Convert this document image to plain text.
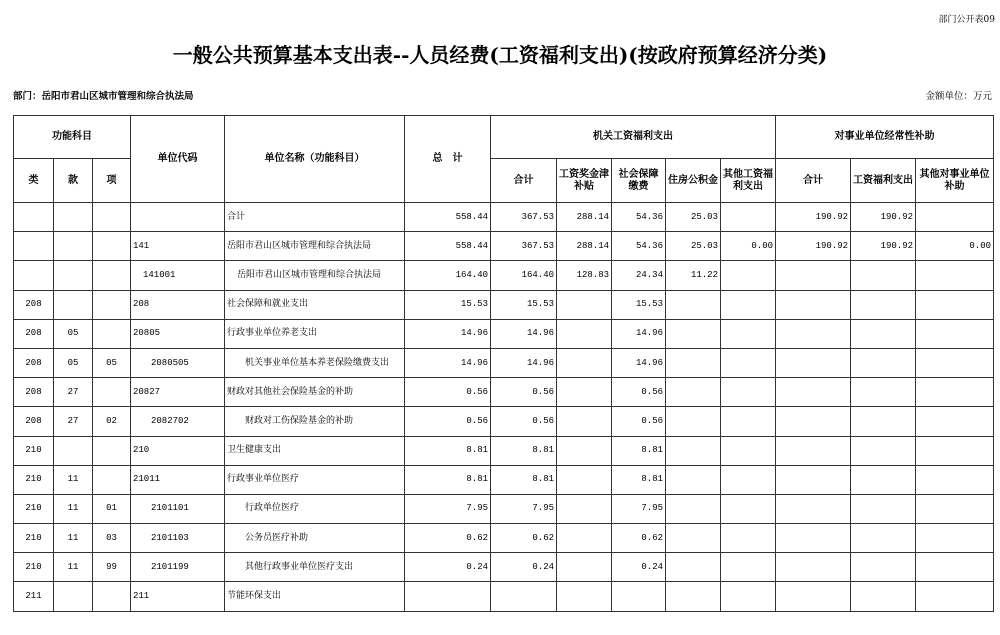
部门公开表09
一般公共预算基本支出表--人员经费(工资福利支出)(按政府预算经济分类)
部门：岳阳市君山区城市管理和综合执法局	金额单位：万元
功能科目			单位代码	单位名称（功能科目）	总　计	机关工资福利支出					对事业单位经常性补助		
类	款	项				合计	工资奖金津补贴	社会保障缴费	住房公积金	其他工资福利支出	合计	工资福利支出	其他对事业单位补助
				合计	558.44	367.53	288.14	54.36	25.03		190.92	190.92	
			141	岳阳市君山区城市管理和综合执法局	558.44	367.53	288.14	54.36	25.03	0.00	190.92	190.92	0.00
			141001	岳阳市君山区城市管理和综合执法局	164.40	164.40	128.83	24.34	11.22				
208			208	社会保障和就业支出	15.53	15.53		15.53					
208	05		20805	行政事业单位养老支出	14.96	14.96		14.96					
208	05	05	2080505	机关事业单位基本养老保险缴费支出	14.96	14.96		14.96					
208	27		20827	财政对其他社会保险基金的补助	0.56	0.56		0.56					
208	27	02	2082702	财政对工伤保险基金的补助	0.56	0.56		0.56					
210			210	卫生健康支出	8.81	8.81		8.81					
210	11		21011	行政事业单位医疗	8.81	8.81		8.81					
210	11	01	2101101	行政单位医疗	7.95	7.95		7.95					
210	11	03	2101103	公务员医疗补助	0.62	0.62		0.62					
210	11	99	2101199	其他行政事业单位医疗支出	0.24	0.24		0.24					
211			211	节能环保支出									
